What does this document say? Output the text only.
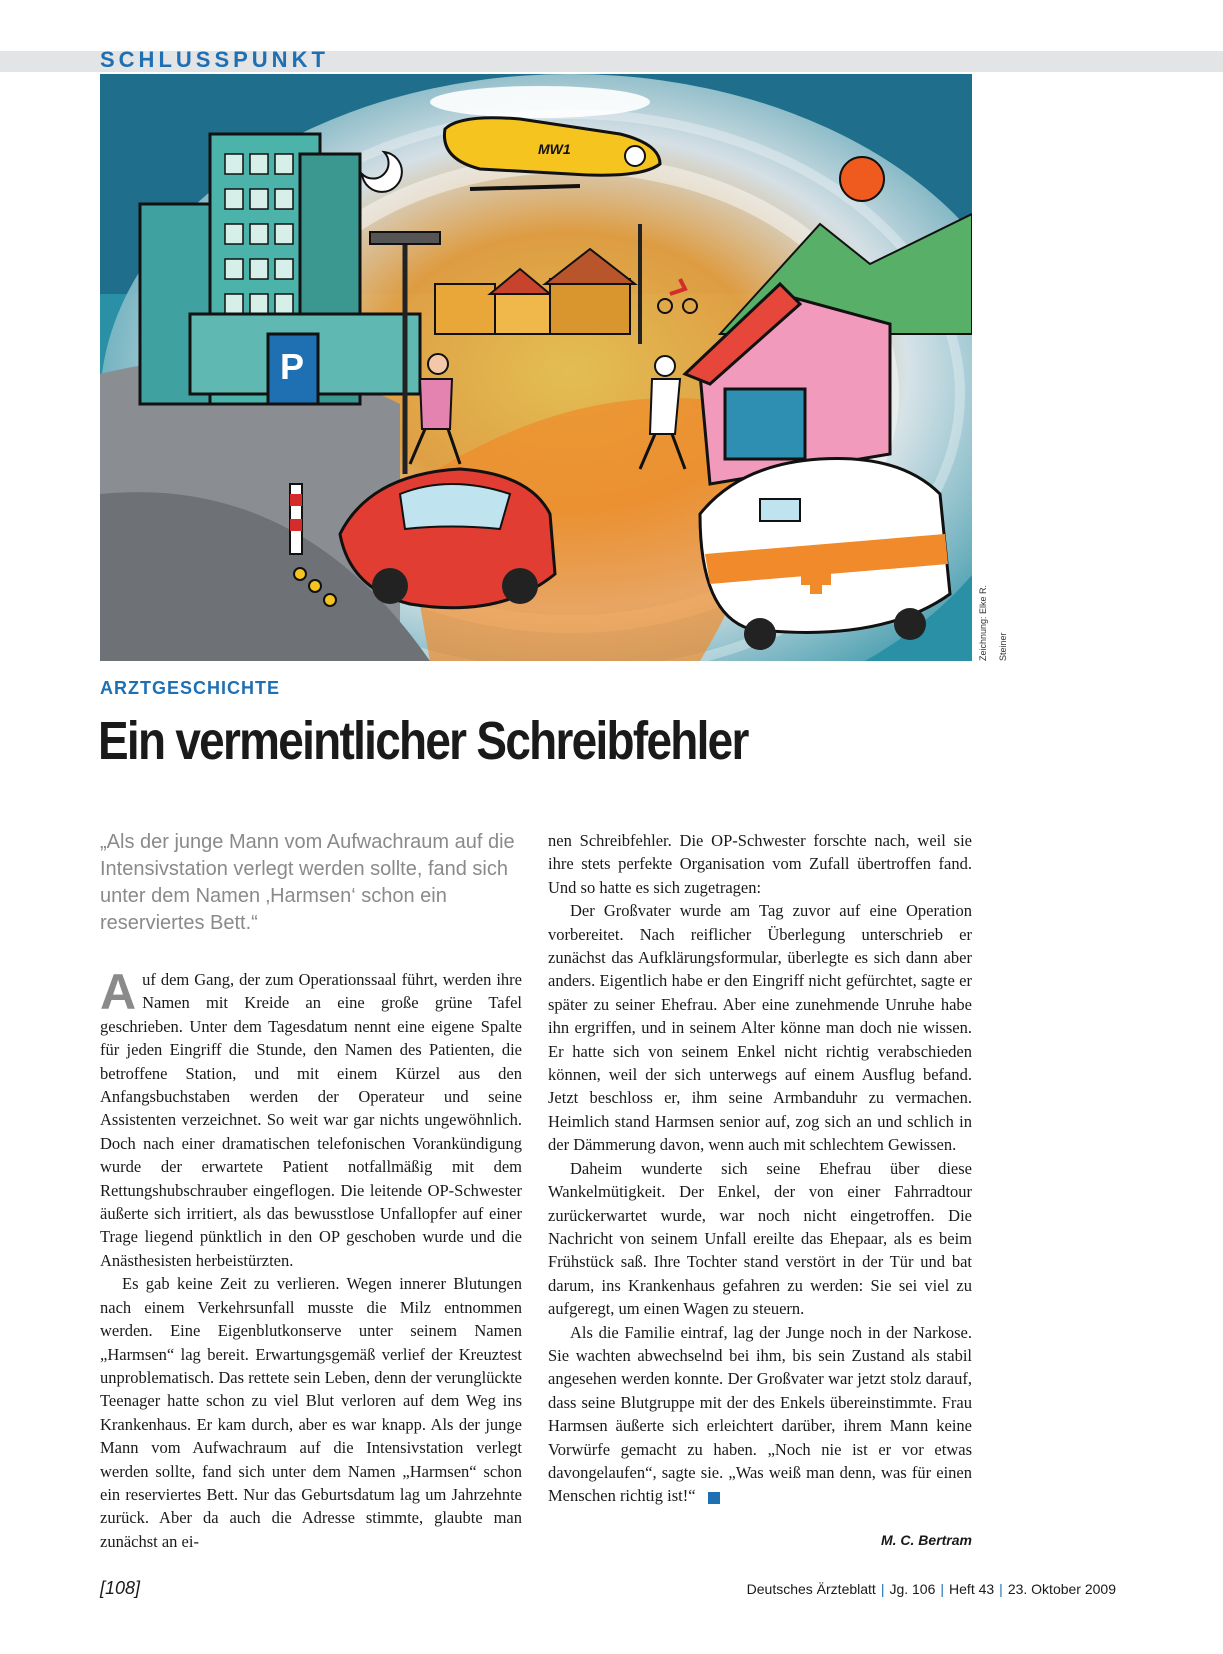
SCHLUSSPUNKT
P
MW1
Zeichnung: Elke R. Steiner

ARZTGESCHICHTE

Ein vermeintlicher Schreibfehler

„Als der junge Mann vom Aufwachraum auf die Intensivstation verlegt werden sollte, fand sich unter dem Namen ‚Harmsen‘ schon ein reserviertes Bett.“

Auf dem Gang, der zum Operationssaal führt, werden ihre Namen mit Kreide an eine große grüne Tafel geschrieben. Unter dem Tagesdatum nennt eine eigene Spalte für jeden Eingriff die Stunde, den Namen des Patienten, die betroffene Station, und mit einem Kürzel aus den Anfangsbuchstaben werden der Operateur und seine Assistenten verzeichnet. So weit war gar nichts ungewöhnlich. Doch nach einer dramatischen telefonischen Vorankündigung wurde der erwartete Patient notfallmäßig mit dem Rettungshubschrauber eingeflogen. Die leitende OP-Schwester äußerte sich irritiert, als das bewusstlose Unfallopfer auf einer Trage liegend pünktlich in den OP geschoben wurde und die Anästhesisten herbeistürzten.

Es gab keine Zeit zu verlieren. Wegen innerer Blutungen nach einem Verkehrsunfall musste die Milz entnommen werden. Eine Eigenblutkonserve unter seinem Namen „Harmsen“ lag bereit. Erwartungsgemäß verlief der Kreuztest unproblematisch. Das rettete sein Leben, denn der verunglückte Teenager hatte schon zu viel Blut verloren auf dem Weg ins Krankenhaus. Er kam durch, aber es war knapp. Als der junge Mann vom Aufwachraum auf die Intensivstation verlegt werden sollte, fand sich unter dem Namen „Harmsen“ schon ein reserviertes Bett. Nur das Geburtsdatum lag um Jahrzehnte zurück. Aber da auch die Adresse stimmte, glaubte man zunächst an ei-

nen Schreibfehler. Die OP-Schwester forschte nach, weil sie ihre stets perfekte Organisation vom Zufall übertroffen fand. Und so hatte es sich zugetragen:

Der Großvater wurde am Tag zuvor auf eine Operation vorbereitet. Nach reiflicher Überlegung unterschrieb er zunächst das Aufklärungsformular, überlegte es sich dann aber anders. Eigentlich habe er den Eingriff nicht gefürchtet, sagte er später zu seiner Ehefrau. Aber eine zunehmende Unruhe habe ihn ergriffen, und in seinem Alter könne man doch nie wissen. Er hatte sich von seinem Enkel nicht richtig verabschieden können, weil der sich unterwegs auf einem Ausflug befand. Jetzt beschloss er, ihm seine Armbanduhr zu vermachen. Heimlich stand Harmsen senior auf, zog sich an und schlich in der Dämmerung davon, wenn auch mit schlechtem Gewissen.

Daheim wunderte sich seine Ehefrau über diese Wankelmütigkeit. Der Enkel, der von einer Fahrradtour zurückerwartet wurde, war noch nicht eingetroffen. Die Nachricht von seinem Unfall ereilte das Ehepaar, als es beim Frühstück saß. Ihre Tochter stand verstört in der Tür und bat darum, ins Krankenhaus gefahren zu werden: Sie sei viel zu aufgeregt, um einen Wagen zu steuern.

Als die Familie eintraf, lag der Junge noch in der Narkose. Sie wachten abwechselnd bei ihm, bis sein Zustand als stabil angesehen werden konnte. Der Großvater war jetzt stolz darauf, dass seine Blutgruppe mit der des Enkels übereinstimmte. Frau Harmsen äußerte sich erleichtert darüber, ihrem Mann keine Vorwürfe gemacht zu haben. „Noch nie ist er vor etwas davongelaufen“, sagte sie. „Was weiß man denn, was für einen Menschen richtig ist!“

M. C. Bertram

[108]	Deutsches Ärzteblatt | Jg. 106 | Heft 43 | 23. Oktober 2009
